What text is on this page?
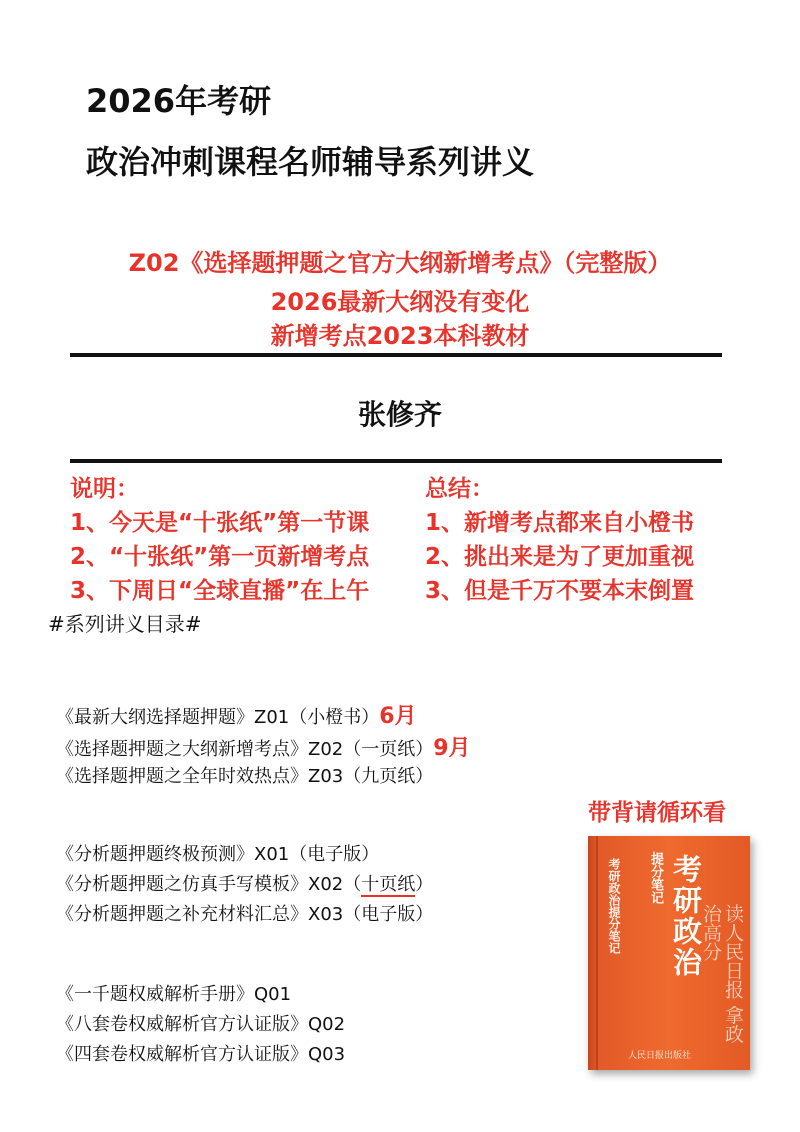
2026年考研
政治冲刺课程名师辅导系列讲义
Z02《选择题押题之官方大纲新增考点》（完整版）
2026最新大纲没有变化
新增考点2023本科教材
张修齐
说明：
1、今天是“十张纸”第一节课
2、“十张纸”第一页新增考点
3、下周日“全球直播”在上午
总结：
1、新增考点都来自小橙书
2、挑出来是为了更加重视
3、但是千万不要本末倒置
#系列讲义目录#
《最新大纲选择题押题》Z01（小橙书）6月
《选择题押题之大纲新增考点》Z02（一页纸）9月
《选择题押题之全年时效热点》Z03（九页纸）
《分析题押题终极预测》X01（电子版）
《分析题押题之仿真手写模板》X02（十页纸）
《分析题押题之补充材料汇总》X03（电子版）
《一千题权威解析手册》Q01
《八套卷权威解析官方认证版》Q02
《四套卷权威解析官方认证版》Q03
带背请循环看
提分笔记
考研政治提分笔记 考研政治	读人民日报 拿政治高分
人民日报出版社
